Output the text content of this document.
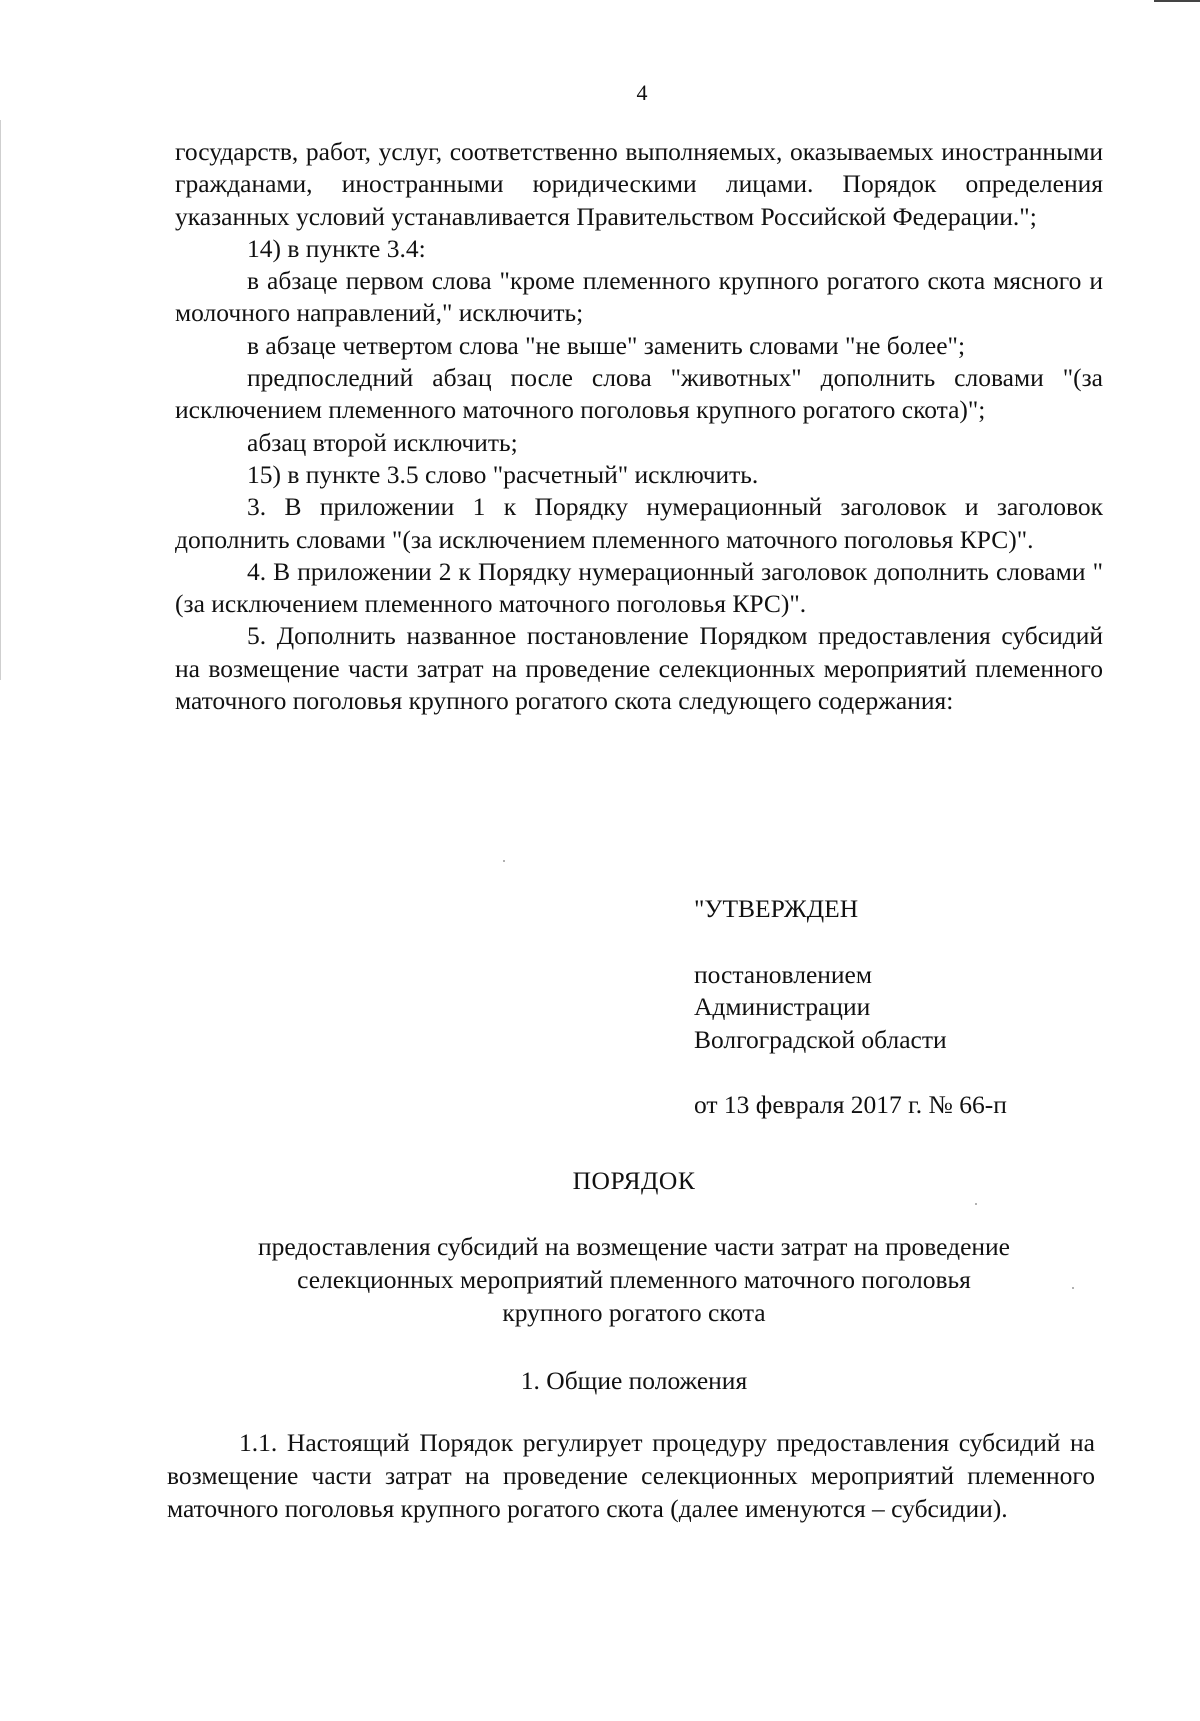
4

государств, работ, услуг, соответственно выполняемых, оказываемых иностранными гражданами, иностранными юридическими лицами. Порядок определения указанных условий устанавливается Правительством Российской Федерации.";

14) в пункте 3.4:

в абзаце первом слова "кроме племенного крупного рогатого скота мясного и молочного направлений," исключить;

в абзаце четвертом слова "не выше" заменить словами "не более";

предпоследний абзац после слова "животных" дополнить словами "(за исключением племенного маточного поголовья крупного рогатого скота)";

абзац второй исключить;

15) в пункте 3.5 слово "расчетный" исключить.

3. В приложении 1 к Порядку нумерационный заголовок и заголовок дополнить словами "(за исключением племенного маточного поголовья КРС)".

4. В приложении 2 к Порядку нумерационный заголовок дополнить словами "(за исключением племенного маточного поголовья КРС)".

5. Дополнить названное постановление Порядком предоставления субсидий на возмещение части затрат на проведение селекционных мероприятий племенного маточного поголовья крупного рогатого скота следующего содержания:

"УТВЕРЖДЕН
постановлением
Администрации
Волгоградской области
от 13 февраля 2017 г. № 66-п
ПОРЯДОК
предоставления субсидий на возмещение части затрат на проведение
селекционных мероприятий племенного маточного поголовья
крупного рогатого скота
1. Общие положения

1.1. Настоящий Порядок регулирует процедуру предоставления субсидий на возмещение части затрат на проведение селекционных мероприятий племенного маточного поголовья крупного рогатого скота (далее именуются – субсидии).
